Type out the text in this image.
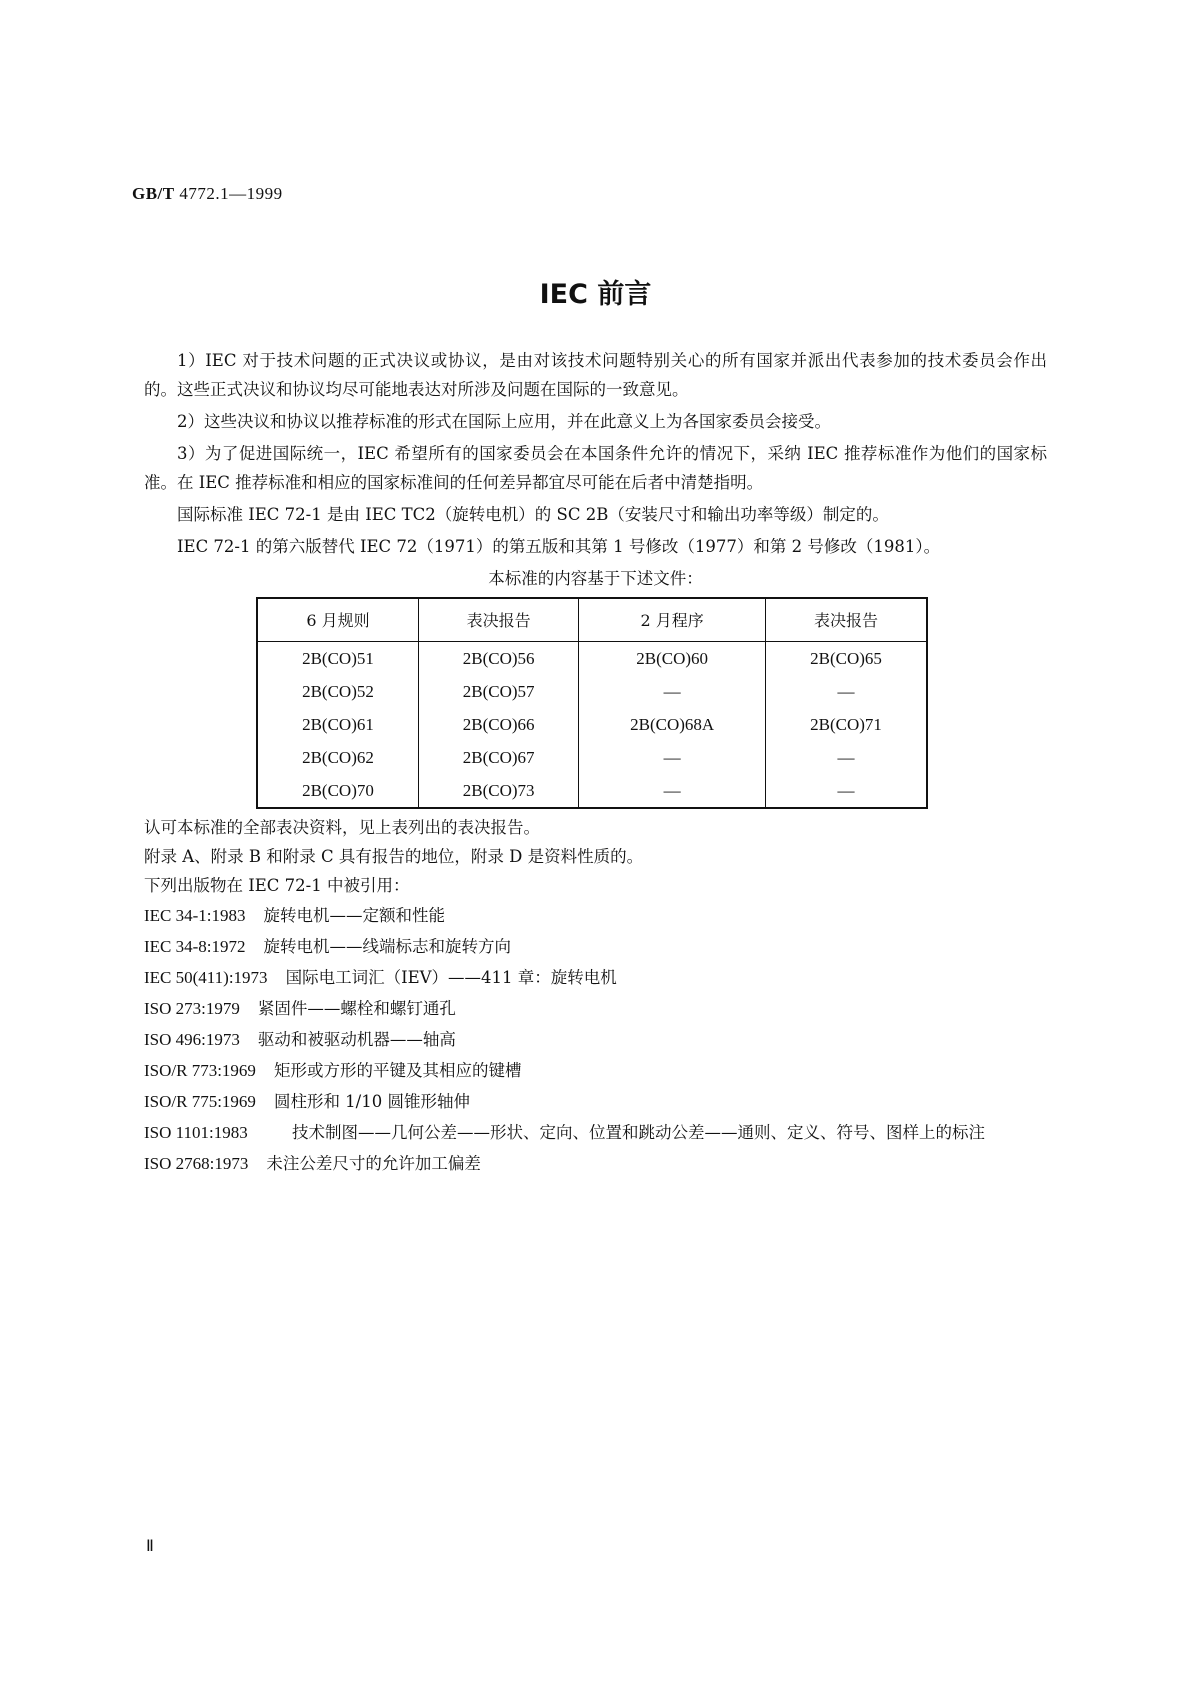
GB/T 4772.1—1999
IEC 前言

1）IEC 对于技术问题的正式决议或协议，是由对该技术问题特别关心的所有国家并派出代表参加的技术委员会作出的。这些正式决议和协议均尽可能地表达对所涉及问题在国际的一致意见。

2）这些决议和协议以推荐标准的形式在国际上应用，并在此意义上为各国家委员会接受。

3）为了促进国际统一，IEC 希望所有的国家委员会在本国条件允许的情况下，采纳 IEC 推荐标准作为他们的国家标准。在 IEC 推荐标准和相应的国家标准间的任何差异都宜尽可能在后者中清楚指明。

国际标准 IEC 72-1 是由 IEC TC2（旋转电机）的 SC 2B（安装尺寸和输出功率等级）制定的。

IEC 72-1 的第六版替代 IEC 72（1971）的第五版和其第 1 号修改（1977）和第 2 号修改（1981）。

本标准的内容基于下述文件：

6 月规则	表决报告	2 月程序	表决报告
2B(CO)51	2B(CO)56	2B(CO)60	2B(CO)65
2B(CO)52	2B(CO)57	—	—
2B(CO)61	2B(CO)66	2B(CO)68A	2B(CO)71
2B(CO)62	2B(CO)67	—	—
2B(CO)70	2B(CO)73	—	—

认可本标准的全部表决资料，见上表列出的表决报告。

附录 A、附录 B 和附录 C 具有报告的地位，附录 D 是资料性质的。

下列出版物在 IEC 72-1 中被引用：

IEC 34-1:1983 旋转电机——定额和性能
IEC 34-8:1972 旋转电机——线端标志和旋转方向
IEC 50(411):1973 国际电工词汇（IEV）——411 章：旋转电机
ISO 273:1979 紧固件——螺栓和螺钉通孔
ISO 496:1973 驱动和被驱动机器——轴高
ISO/R 773:1969 矩形或方形的平键及其相应的键槽
ISO/R 775:1969 圆柱形和 1/10 圆锥形轴伸
ISO 1101:1983	技术制图——几何公差——形状、定向、位置和跳动公差——通则、定义、符号、图样上的标注
ISO 2768:1973 未注公差尺寸的允许加工偏差
Ⅱ
